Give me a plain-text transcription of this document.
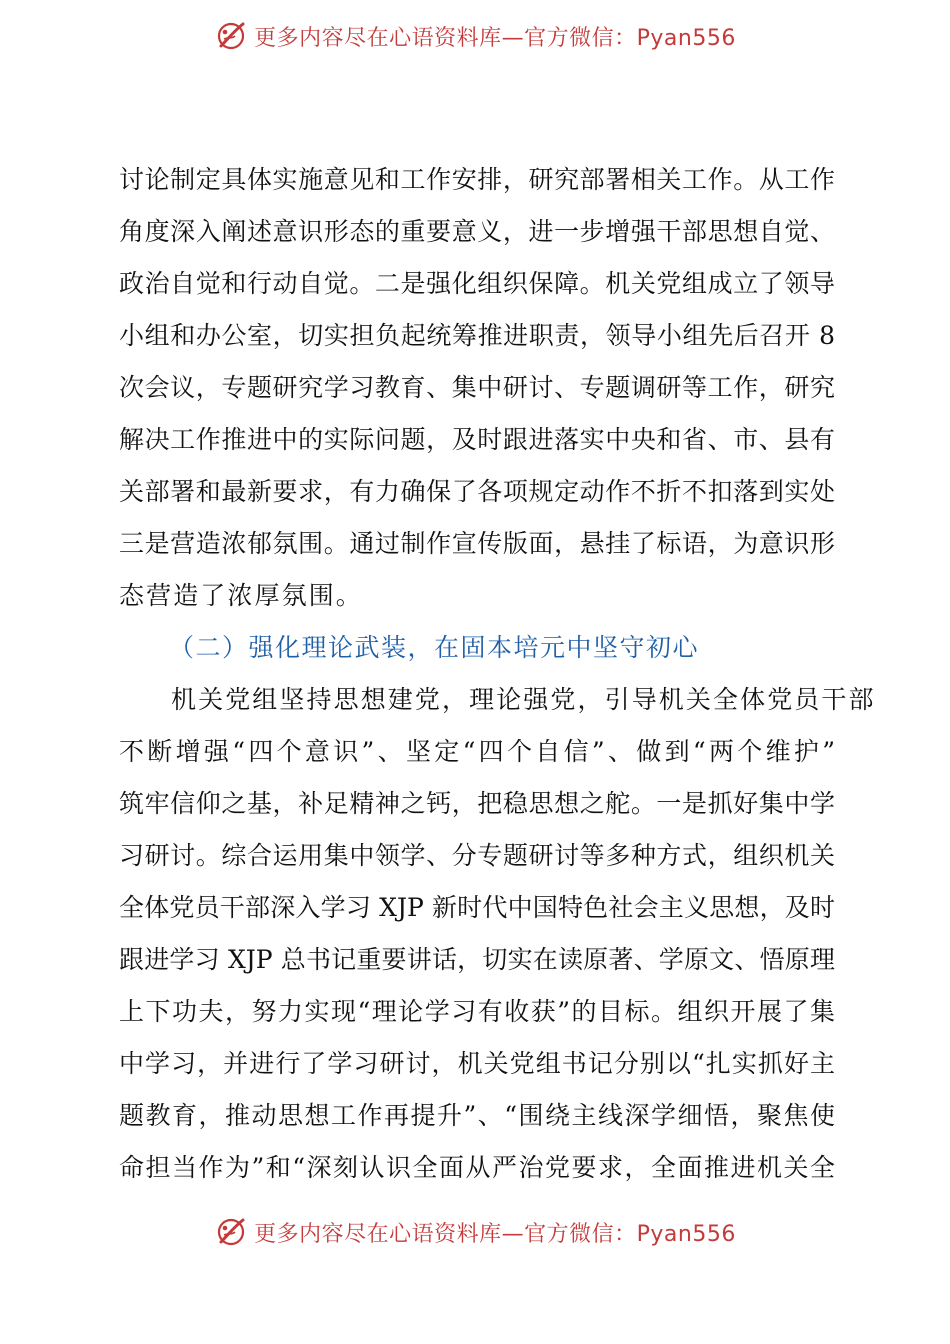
更多内容尽在心语资料库—官方微信：Pyan556
讨论制定具体实施意见和工作安排，研究部署相关工作。从工作
角度深入阐述意识形态的重要意义，进一步增强干部思想自觉、
政治自觉和行动自觉。二是强化组织保障。机关党组成立了领导
小组和办公室，切实担负起统筹推进职责，领导小组先后召开 8
次会议，专题研究学习教育、集中研讨、专题调研等工作，研究
解决工作推进中的实际问题，及时跟进落实中央和省、市、县有
关部署和最新要求，有力确保了各项规定动作不折不扣落到实处
三是营造浓郁氛围。通过制作宣传版面，悬挂了标语，为意识形
态营造了浓厚氛围。
（二）强化理论武装，在固本培元中坚守初心
机关党组坚持思想建党，理论强党，引导机关全体党员干部
不断增强“四个意识”、坚定“四个自信”、做到“两个维护”
筑牢信仰之基，补足精神之钙，把稳思想之舵。一是抓好集中学
习研讨。综合运用集中领学、分专题研讨等多种方式，组织机关
全体党员干部深入学习 XJP 新时代中国特色社会主义思想，及时
跟进学习 XJP 总书记重要讲话，切实在读原著、学原文、悟原理
上下功夫，努力实现“理论学习有收获”的目标。组织开展了集
中学习，并进行了学习研讨，机关党组书记分别以“扎实抓好主
题教育，推动思想工作再提升”、“围绕主线深学细悟，聚焦使
命担当作为”和“深刻认识全面从严治党要求，全面推进机关全
更多内容尽在心语资料库—官方微信：Pyan556
